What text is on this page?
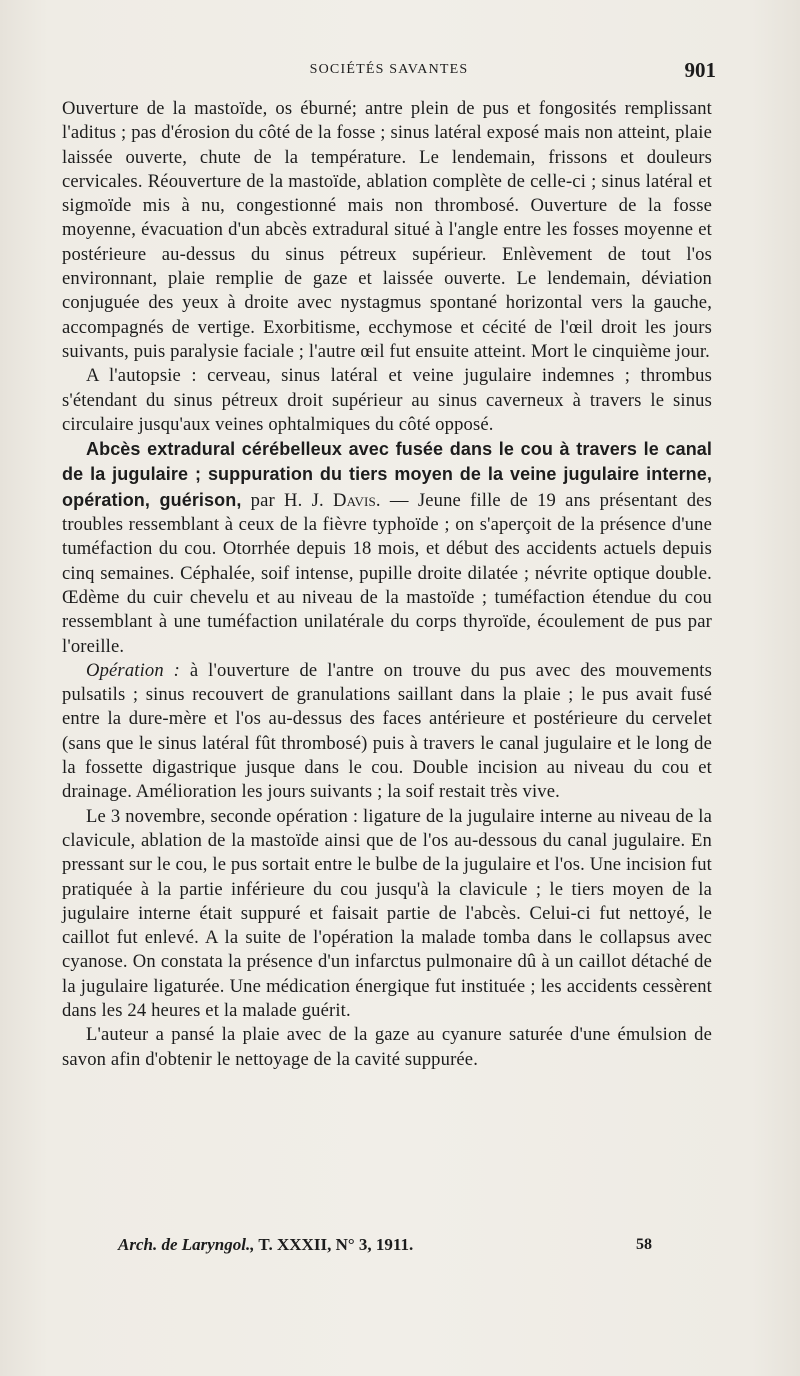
SOCIÉTÉS SAVANTES	901

Ouverture de la mastoïde, os éburné; antre plein de pus et fongosités remplissant l'aditus ; pas d'érosion du côté de la fosse ; sinus latéral exposé mais non atteint, plaie laissée ouverte, chute de la température. Le lendemain, frissons et douleurs cervicales. Réouverture de la mastoïde, ablation complète de celle-ci ; sinus latéral et sigmoïde mis à nu, congestionné mais non thrombosé. Ouverture de la fosse moyenne, évacuation d'un abcès extradural situé à l'angle entre les fosses moyenne et postérieure au-dessus du sinus pétreux supérieur. Enlèvement de tout l'os environnant, plaie remplie de gaze et laissée ouverte. Le lendemain, déviation conjuguée des yeux à droite avec nystagmus spontané horizontal vers la gauche, accompagnés de vertige. Exorbitisme, ecchymose et cécité de l'œil droit les jours suivants, puis paralysie faciale ; l'autre œil fut ensuite atteint. Mort le cinquième jour.

A l'autopsie : cerveau, sinus latéral et veine jugulaire indemnes ; thrombus s'étendant du sinus pétreux droit supérieur au sinus caverneux à travers le sinus circulaire jusqu'aux veines ophtalmiques du côté opposé.

Abcès extradural cérébelleux avec fusée dans le cou à travers le canal de la jugulaire ; suppuration du tiers moyen de la veine jugulaire interne, opération, guérison, par H. J. Davis. — Jeune fille de 19 ans présentant des troubles ressemblant à ceux de la fièvre typhoïde ; on s'aperçoit de la présence d'une tuméfaction du cou. Otorrhée depuis 18 mois, et début des accidents actuels depuis cinq semaines. Céphalée, soif intense, pupille droite dilatée ; névrite optique double. Œdème du cuir chevelu et au niveau de la mastoïde ; tuméfaction étendue du cou ressemblant à une tuméfaction unilatérale du corps thyroïde, écoulement de pus par l'oreille.

Opération : à l'ouverture de l'antre on trouve du pus avec des mouvements pulsatils ; sinus recouvert de granulations saillant dans la plaie ; le pus avait fusé entre la dure-mère et l'os au-dessus des faces antérieure et postérieure du cervelet (sans que le sinus latéral fût thrombosé) puis à travers le canal jugulaire et le long de la fossette digastrique jusque dans le cou. Double incision au niveau du cou et drainage. Amélioration les jours suivants ; la soif restait très vive.

Le 3 novembre, seconde opération : ligature de la jugulaire interne au niveau de la clavicule, ablation de la mastoïde ainsi que de l'os au-dessous du canal jugulaire. En pressant sur le cou, le pus sortait entre le bulbe de la jugulaire et l'os. Une incision fut pratiquée à la partie inférieure du cou jusqu'à la clavicule ; le tiers moyen de la jugulaire interne était suppuré et faisait partie de l'abcès. Celui-ci fut nettoyé, le caillot fut enlevé. A la suite de l'opération la malade tomba dans le collapsus avec cyanose. On constata la présence d'un infarctus pulmonaire dû à un caillot détaché de la jugulaire ligaturée. Une médication énergique fut instituée ; les accidents cessèrent dans les 24 heures et la malade guérit.

L'auteur a pansé la plaie avec de la gaze au cyanure saturée d'une émulsion de savon afin d'obtenir le nettoyage de la cavité suppurée.

Arch. de Laryngol., T. XXXII, N° 3, 1911.	58
